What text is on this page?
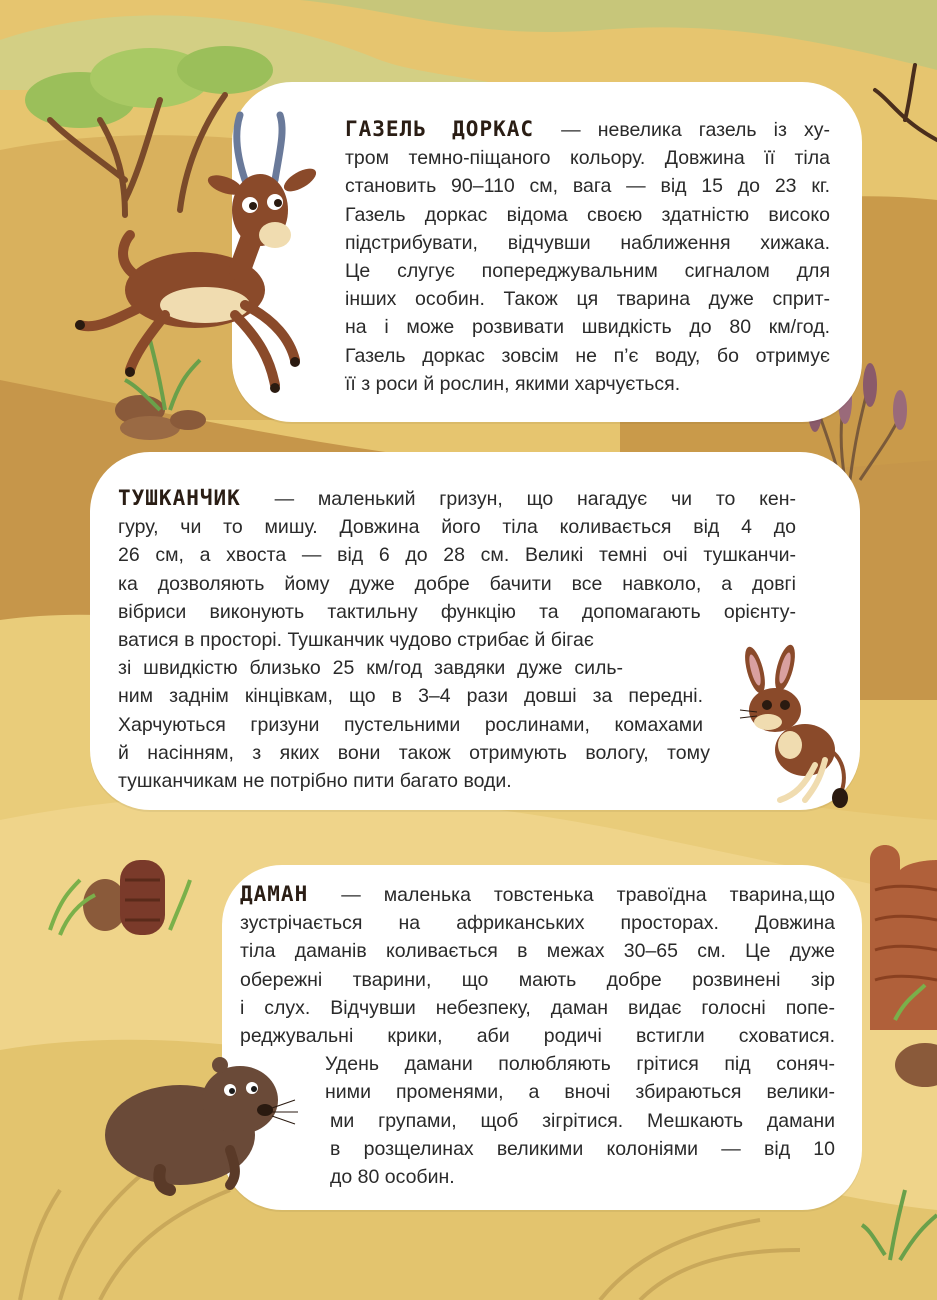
ГАЗЕЛЬ ДОРКАС — невелика газель із ху-
тром темно-піщаного кольору. Довжина її тіла
становить 90–110 см, вага — від 15 до 23 кг.
Газель доркас відома своєю здатністю високо
підстрибувати, відчувши наближення хижака.
Це слугує попереджувальним сигналом для
інших особин. Також ця тварина дуже сприт-
на і може розвивати швидкість до 80 км/год.
Газель доркас зовсім не п’є воду, бо отримує
її з роси й рослин, якими харчується.
ТУШКАНЧИК — маленький гризун, що нагадує чи то кен-
гуру, чи то мишу. Довжина його тіла коливається від 4 до
26 см, а хвоста — від 6 до 28 см. Великі темні очі тушканчи-
ка дозволяють йому дуже добре бачити все навколо, а довгі
вібриси виконують тактильну функцію та допомагають орієнту-
ватися в просторі. Тушканчик чудово стрибає й бігає
зі швидкістю близько 25 км/год завдяки дуже силь-
ним заднім кінцівкам, що в 3–4 рази довші за передні.
Харчуються гризуни пустельними рослинами, комахами
й насінням, з яких вони також отримують вологу, тому
тушканчикам не потрібно пити багато води.
ДАМАН — маленька товстенька травоїдна тварина,що
зустрічається на африканських просторах. Довжина
тіла даманів коливається в межах 30–65 см. Це дуже
обережні тварини, що мають добре розвинені зір
і слух. Відчувши небезпеку, даман видає голосні попе-
реджувальні крики, аби родичі встигли сховатися.
Удень дамани полюбляють грітися під соняч-
ними променями, а вночі збираються велики-
ми групами, щоб зігрітися. Мешкають дамани
в розщелинах великими колоніями — від 10
до 80 особин.
